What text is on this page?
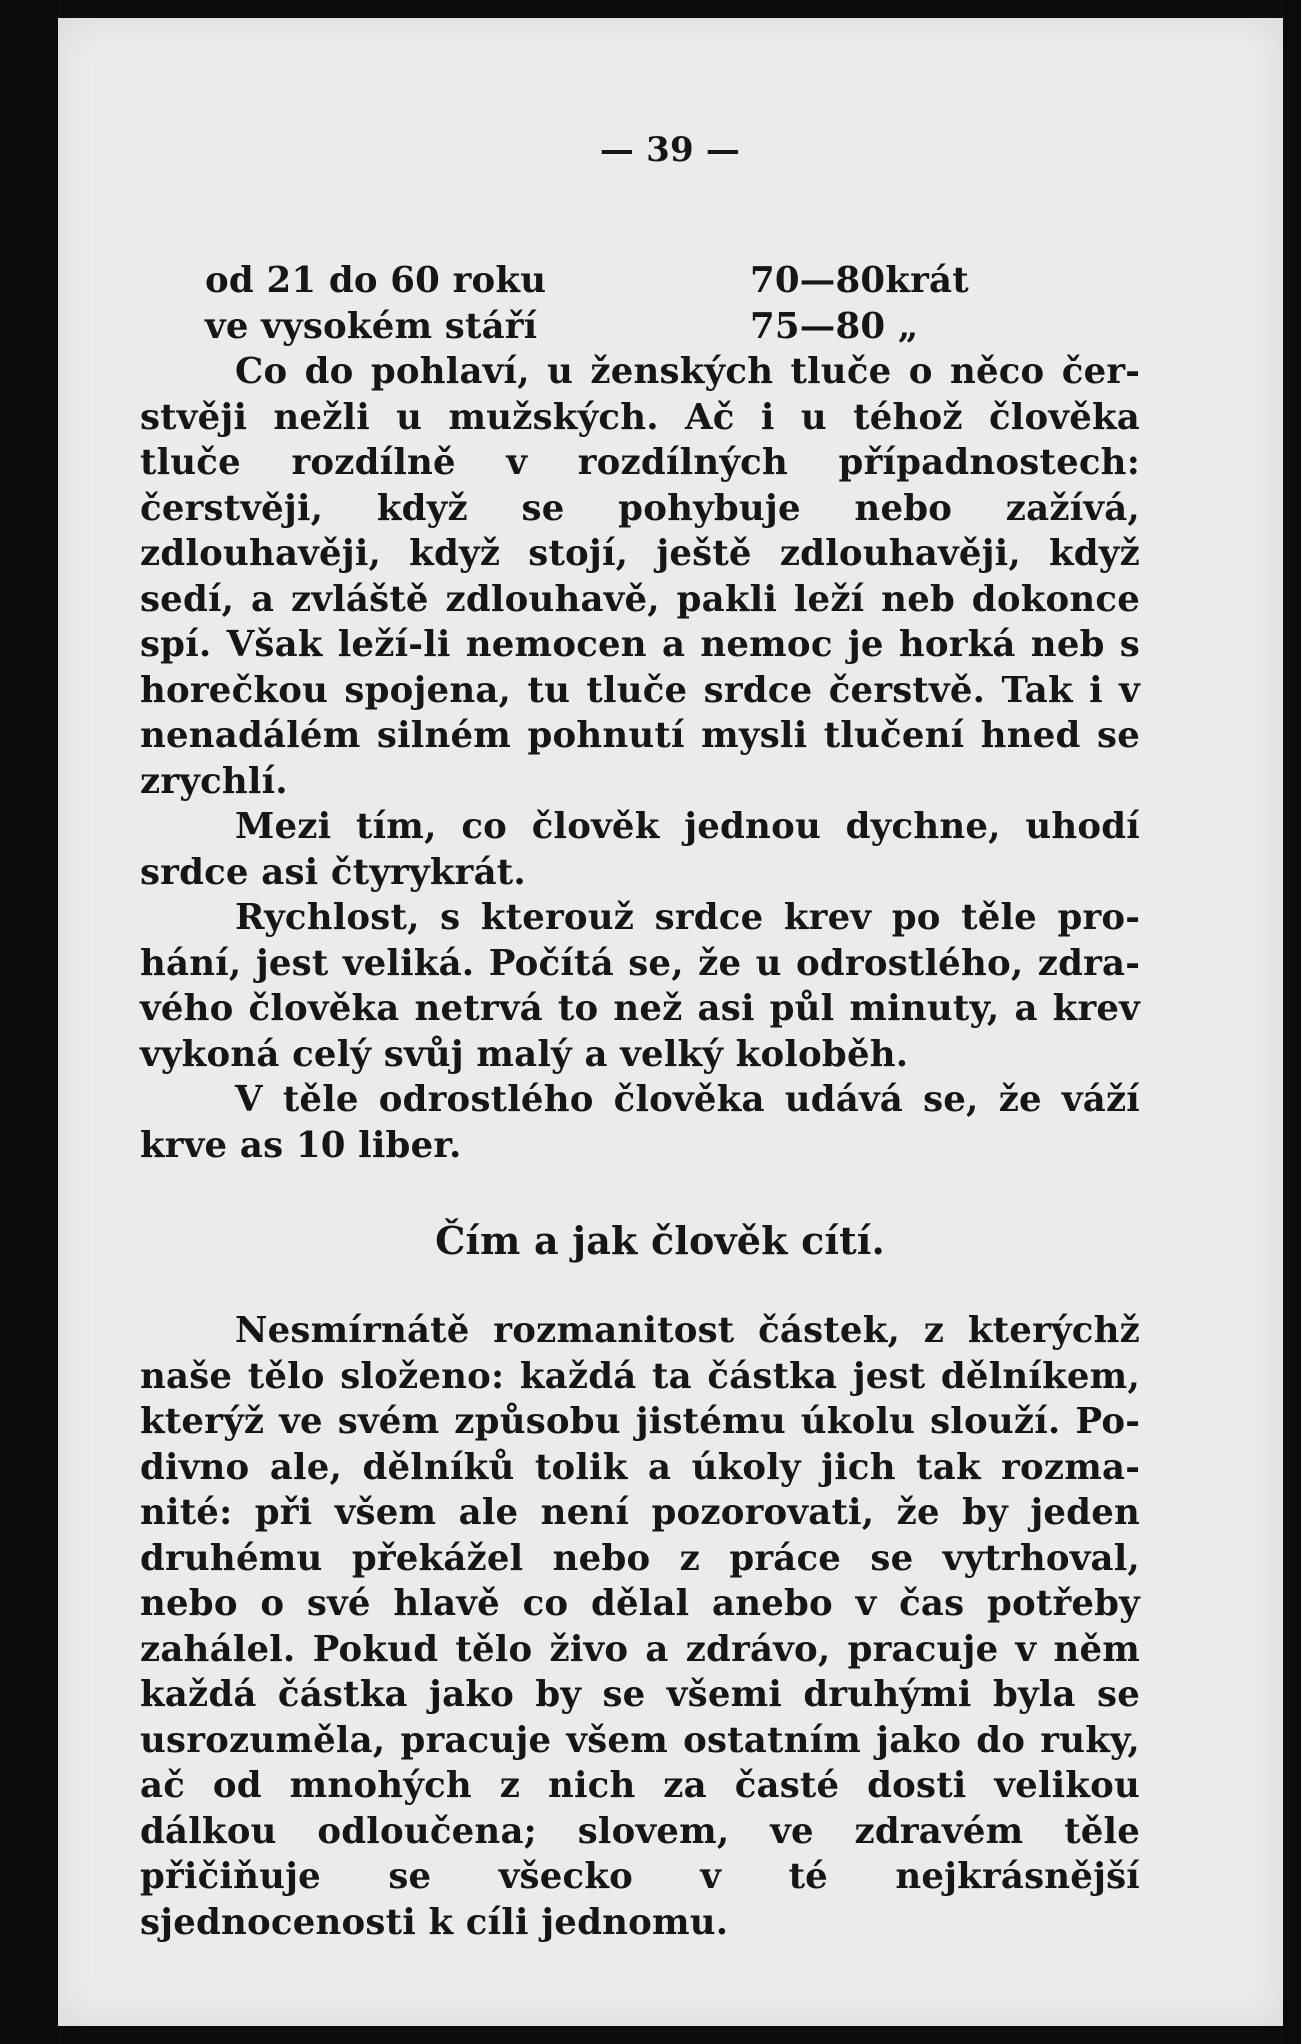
— 39 —
od 21 do 60 roku	70—80krát
ve vysokém stáří	75—80 „

Co do pohlaví, u ženských tluče o něco čerstvěji nežli u mužských. Ač i u téhož člověka tluče rozdílně v rozdílných případnostech: čerstvěji, když se pohybuje nebo zažívá, zdlouhavěji, když stojí, ještě zdlouhavěji, když sedí, a zvláště zdlouhavě, pakli leží neb dokonce spí. Však leží-li nemocen a nemoc je horká neb s horečkou spojena, tu tluče srdce čerstvě. Tak i v nenadálém silném pohnutí mysli tlučení hned se zrychlí.

Mezi tím, co člověk jednou dychne, uhodí srdce asi čtyrykrát.

Rychlost, s kterouž srdce krev po těle prohání, jest veliká. Počítá se, že u odrostlého, zdravého člověka netrvá to než asi půl minuty, a krev vykoná celý svůj malý a velký koloběh.

V těle odrostlého člověka udává se, že váží krve as 10 liber.

Čím a jak člověk cítí.

Nesmírnátě rozmanitost částek, z kterýchž naše tělo složeno: každá ta částka jest dělníkem, kterýž ve svém způsobu jistému úkolu slouží. Podivno ale, dělníků tolik a úkoly jich tak rozmanité: při všem ale není pozorovati, že by jeden druhému překážel nebo z práce se vytrhoval, nebo o své hlavě co dělal anebo v čas potřeby zahálel. Pokud tělo živo a zdrávo, pracuje v něm každá částka jako by se všemi druhými byla se usrozuměla, pracuje všem ostatním jako do ruky, ač od mnohých z nich za časté dosti velikou dálkou odloučena; slovem, ve zdravém těle přičiňuje se všecko v té nejkrásnější sjednocenosti k cíli jednomu.
